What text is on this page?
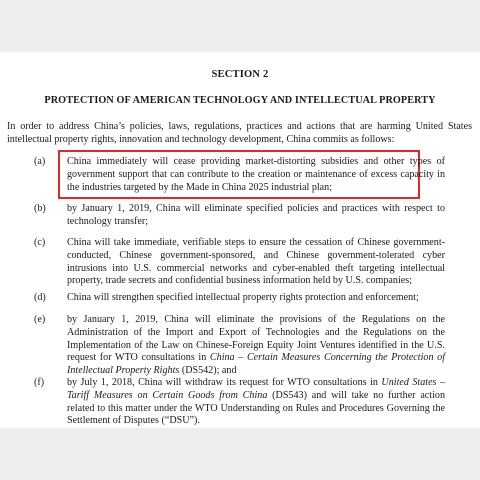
SECTION 2
PROTECTION OF AMERICAN TECHNOLOGY AND INTELLECTUAL PROPERTY

In order to address China’s policies, laws, regulations, practices and actions that are harming United States intellectual property rights, innovation and technology development, China commits as follows:

(a) China immediately will cease providing market-distorting subsidies and other types of government support that can contribute to the creation or maintenance of excess capacity in the industries targeted by the Made in China 2025 industrial plan;

(b) by January 1, 2019, China will eliminate specified policies and practices with respect to technology transfer;

(c) China will take immediate, verifiable steps to ensure the cessation of Chinese government-conducted, Chinese government-sponsored, and Chinese government-tolerated cyber intrusions into U.S. commercial networks and cyber-enabled theft targeting intellectual property, trade secrets and confidential business information held by U.S. companies;

(d) China will strengthen specified intellectual property rights protection and enforcement;

(e) by January 1, 2019, China will eliminate the provisions of the Regulations on the Administration of the Import and Export of Technologies and the Regulations on the Implementation of the Law on Chinese-Foreign Equity Joint Ventures identified in the U.S. request for WTO consultations in China – Certain Measures Concerning the Protection of Intellectual Property Rights (DS542); and

(f) by July 1, 2018, China will withdraw its request for WTO consultations in United States – Tariff Measures on Certain Goods from China (DS543) and will take no further action related to this matter under the WTO Understanding on Rules and Procedures Governing the Settlement of Disputes (“DSU”).
